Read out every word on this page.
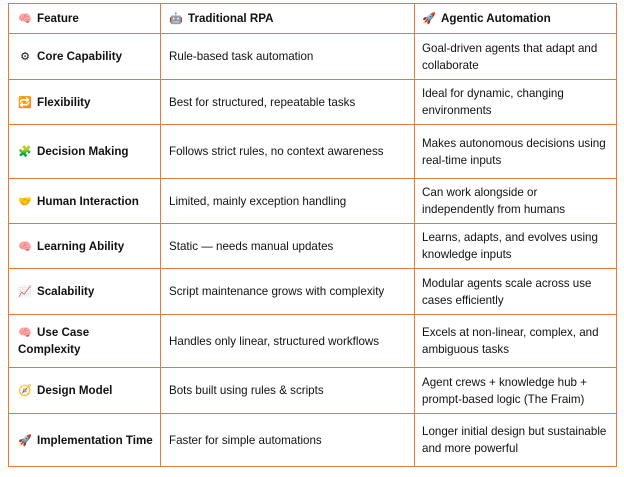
🧠 Feature	🤖 Traditional RPA	🚀 Agentic Automation
⚙ Core Capability	Rule-based task automation	Goal-driven agents that adapt and collaborate
🔁 Flexibility	Best for structured, repeatable tasks	Ideal for dynamic, changing environments
🧩 Decision Making	Follows strict rules, no context awareness	Makes autonomous decisions using real-time inputs
🤝 Human Interaction	Limited, mainly exception handling	Can work alongside or independently from humans
🧠 Learning Ability	Static — needs manual updates	Learns, adapts, and evolves using knowledge inputs
📈 Scalability	Script maintenance grows with complexity	Modular agents scale across use cases efficiently
🧠 Use Case Complexity	Handles only linear, structured workflows	Excels at non-linear, complex, and ambiguous tasks
🧭 Design Model	Bots built using rules & scripts	Agent crews + knowledge hub + prompt-based logic (The Fraim)
🚀 Implementation Time	Faster for simple automations	Longer initial design but sustainable and more powerful
